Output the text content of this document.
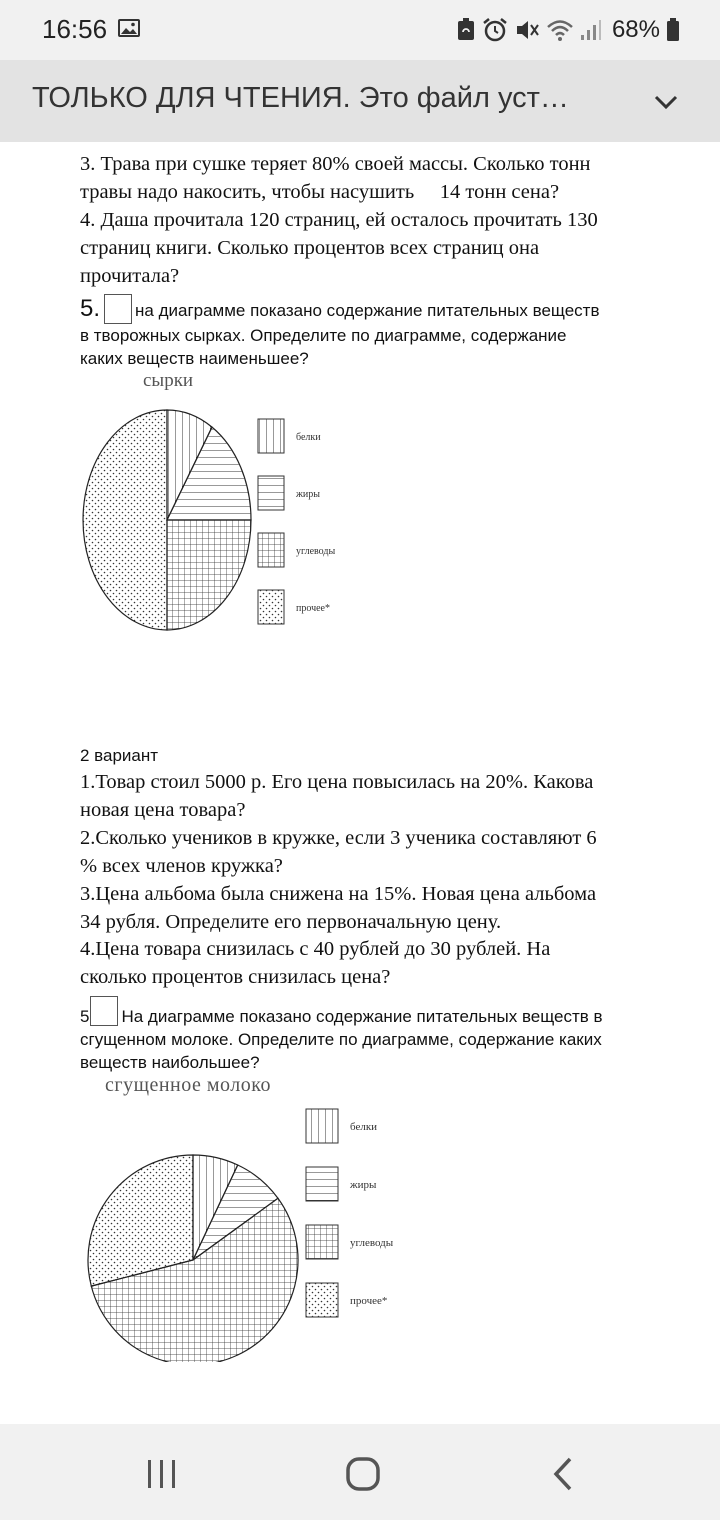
16:56	68%
ТОЛЬКО ДЛЯ ЧТЕНИЯ. Это файл уст…
3. Трава при сушке теряет 80% своей массы. Сколько тонн
травы надо накосить, чтобы насушить     14 тонн сена?
4. Даша прочитала 120 страниц, ей осталось прочитать 130
страниц книги. Сколько процентов всех страниц она
прочитала?
5. на диаграмме показано содержание питательных веществ
в творожных сырках. Определите по диаграмме, содержание
каких веществ наименьшее?
сырки
белки
жиры
углеводы
прочее*
2 вариант
1.Товар стоил 5000 р. Его цена повысилась на 20%. Какова
новая цена товара?
2.Сколько учеников в кружке, если 3 ученика составляют 6
% всех членов кружка?
3.Цена альбома была снижена на 15%. Новая цена альбома
34 рубля. Определите его первоначальную цену.
4.Цена товара снизилась с 40 рублей до 30 рублей. На
сколько процентов снизилась цена?
5 На диаграмме показано содержание питательных веществ в
сгущенном молоке. Определите по диаграмме, содержание каких
веществ наибольшее?
сгущенное молоко
белки
жиры
углеводы
прочее*
